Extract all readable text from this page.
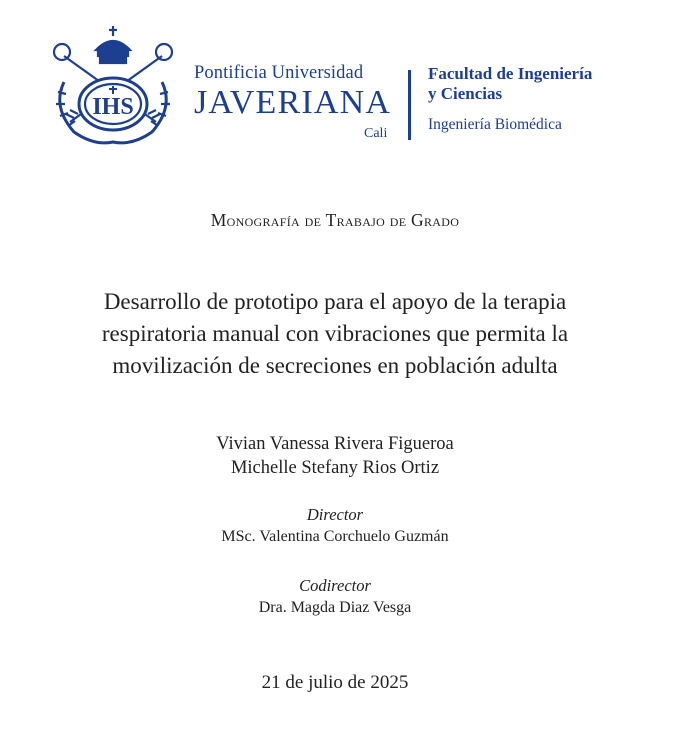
IHS
Pontificia Universidad
JAVERIANA
Cali
Facultad de Ingeniería
y Ciencias
Ingeniería Biomédica
Monografía de Trabajo de Grado
Desarrollo de prototipo para el apoyo de la terapia
respiratoria manual con vibraciones que permita la
movilización de secreciones en población adulta
Vivian Vanessa Rivera Figueroa
Michelle Stefany Rios Ortiz
Director
MSc. Valentina Corchuelo Guzmán
Codirector
Dra. Magda Diaz Vesga
21 de julio de 2025
